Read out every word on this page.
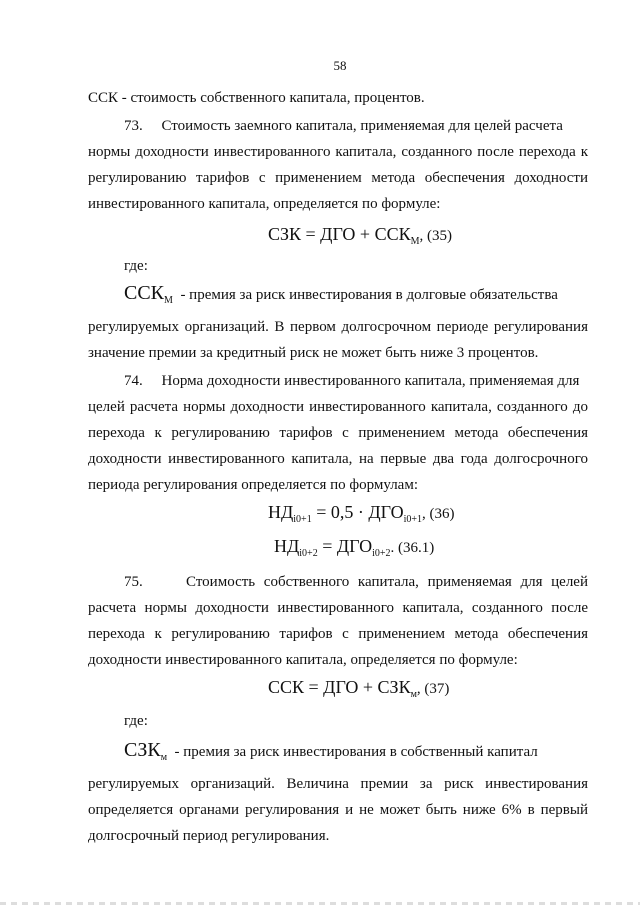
58
ССК - стоимость собственного капитала, процентов.
73. Стоимость заемного капитала, применяемая для целей расчета
нормы доходности инвестированного капитала, созданного после перехода к
регулированию тарифов с применением метода обеспечения доходности
инвестированного капитала, определяется по формуле:
СЗК = ДГО + $ССК_М$, (35)
где:
$ССК_М$ - премия за риск инвестирования в долговые обязательства
регулируемых организаций. В первом долгосрочном периоде регулирования
значение премии за кредитный риск не может быть ниже 3 процентов.
74. Норма доходности инвестированного капитала, применяемая для
целей расчета нормы доходности инвестированного капитала, созданного до
перехода к регулированию тарифов с применением метода обеспечения
доходности инвестированного капитала, на первые два года долгосрочного
периода регулирования определяется по формулам:
$НД_{i0+1} = 0,5 \cdot ДГО_{i0+1}$, (36)
$НД_{i0+2} = ДГО_{i0+2}$. (36.1)
75.	Стоимость собственного капитала, применяемая для целей
расчета нормы доходности инвестированного капитала, созданного после
перехода к регулированию тарифов с применением метода обеспечения
доходности инвестированного капитала, определяется по формуле:
ССК = ДГО + $СЗК_м$, (37)
где:
$СЗК_м$ - премия за риск инвестирования в собственный капитал
регулируемых организаций. Величина премии за риск инвестирования
определяется органами регулирования и не может быть ниже 6% в первый
долгосрочный период регулирования.
